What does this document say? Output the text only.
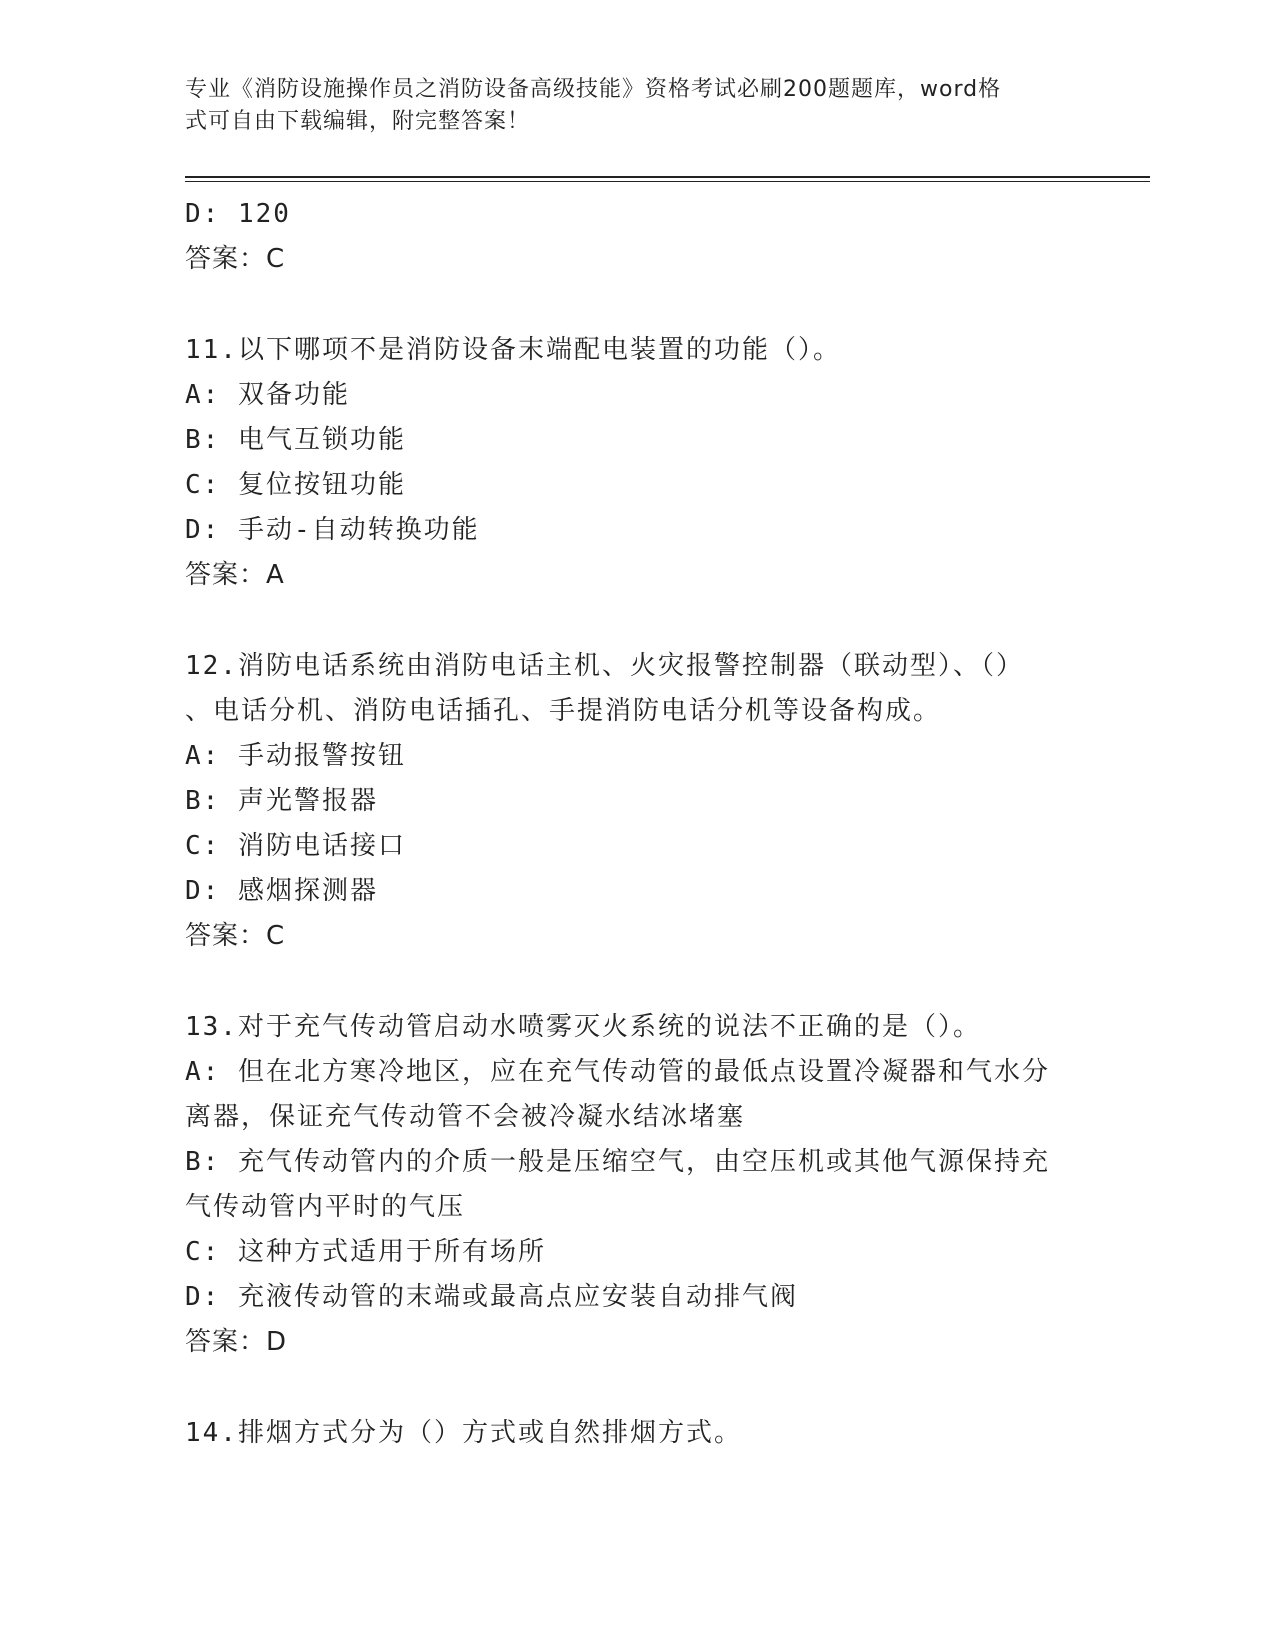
专业《消防设施操作员之消防设备高级技能》资格考试必刷200题题库，word格
式可自由下载编辑，附完整答案！
D: 120
答案：C
11.以下哪项不是消防设备末端配电装置的功能（）。
A: 双备功能
B: 电气互锁功能
C: 复位按钮功能
D: 手动-自动转换功能
答案：A
12.消防电话系统由消防电话主机、火灾报警控制器（联动型）、（）
、电话分机、消防电话插孔、手提消防电话分机等设备构成。
A: 手动报警按钮
B: 声光警报器
C: 消防电话接口
D: 感烟探测器
答案：C
13.对于充气传动管启动水喷雾灭火系统的说法不正确的是（）。
A: 但在北方寒冷地区，应在充气传动管的最低点设置冷凝器和气水分
离器，保证充气传动管不会被冷凝水结冰堵塞
B: 充气传动管内的介质一般是压缩空气，由空压机或其他气源保持充
气传动管内平时的气压
C: 这种方式适用于所有场所
D: 充液传动管的末端或最高点应安装自动排气阀
答案：D
14.排烟方式分为（）方式或自然排烟方式。
